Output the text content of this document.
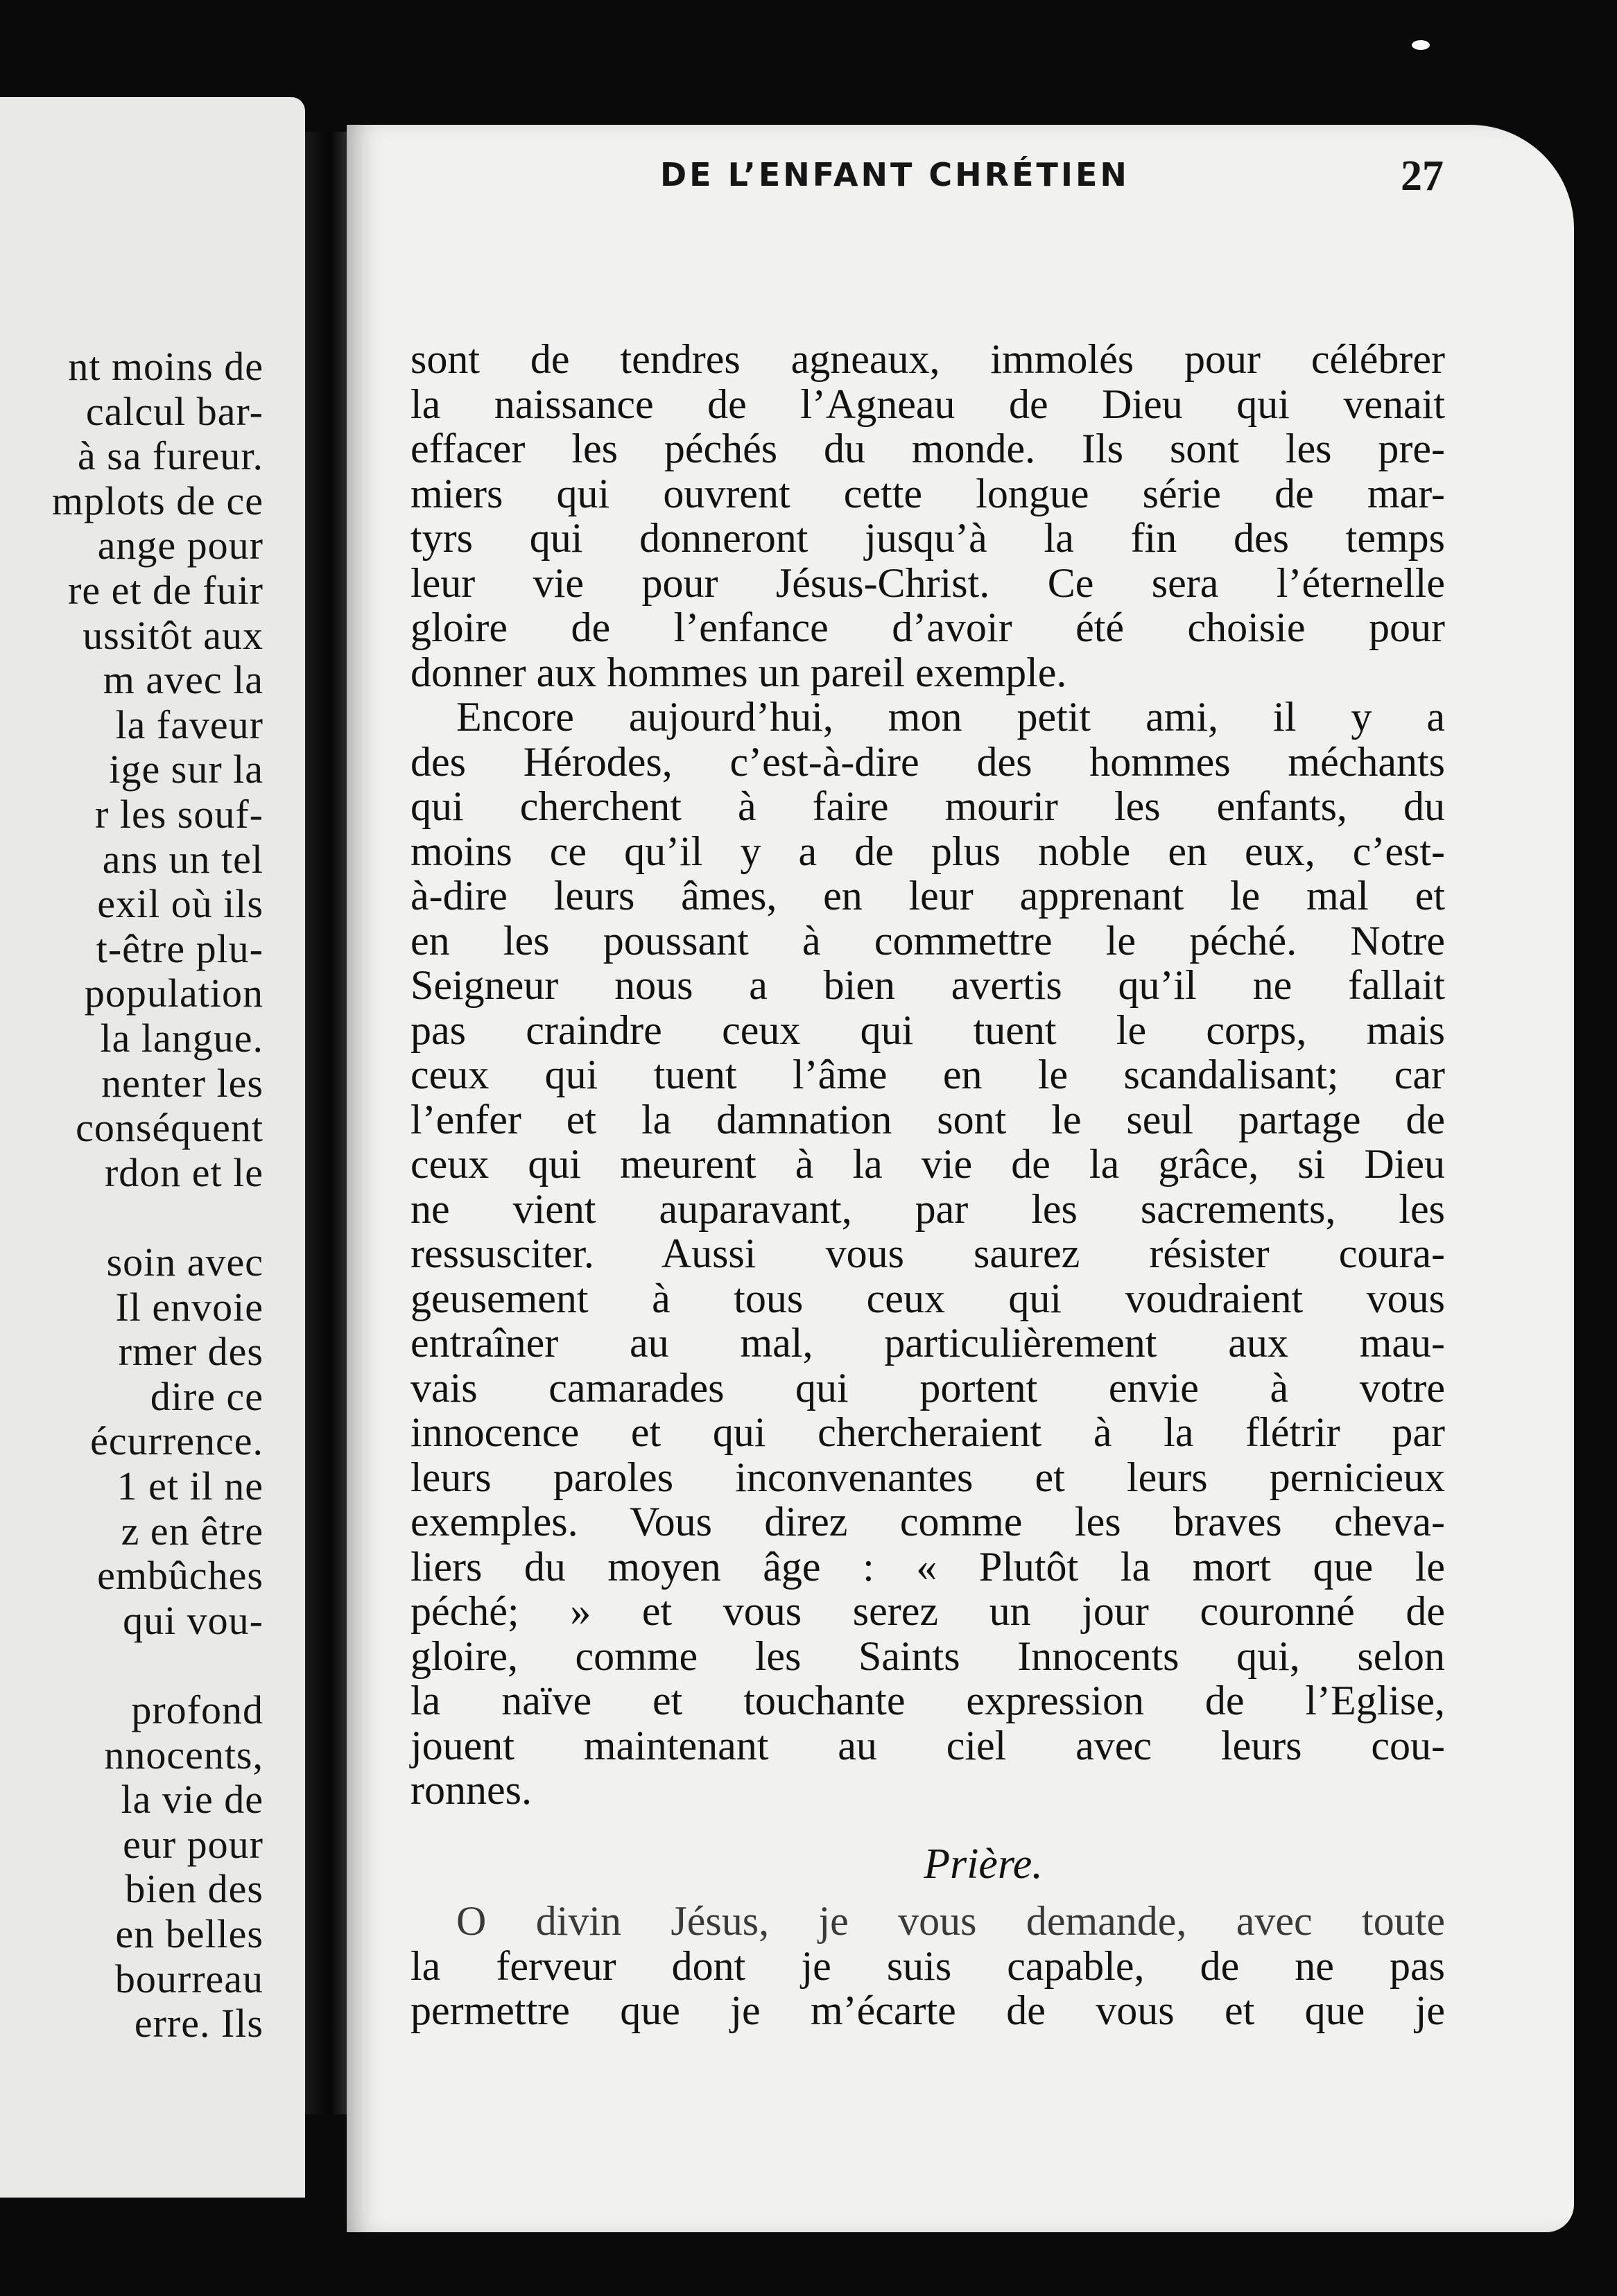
nt moins de
calcul bar-
à sa fureur.
mplots de ce
ange pour
re et de fuir
ussitôt aux
m avec la
la faveur
ige sur la
r les souf-
ans un tel
exil où ils
t-être plu-
population
la langue.
nenter les
conséquent
rdon et le
soin avec
Il envoie
rmer des
dire ce
écurrence.
1 et il ne
z en être
embûches
qui vou-
profond
nnocents,
la vie de
eur pour
bien des
en belles
bourreau
erre. Ils
DE L’ENFANT CHRÉTIEN	27
sont de tendres agneaux, immolés pour célébrer
la naissance de l’Agneau de Dieu qui venait
effacer les péchés du monde. Ils sont les pre-
miers qui ouvrent cette longue série de mar-
tyrs qui donneront jusqu’à la fin des temps
leur vie pour Jésus-Christ. Ce sera l’éternelle
gloire de l’enfance d’avoir été choisie pour
donner aux hommes un pareil exemple.
Encore aujourd’hui, mon petit ami, il y a
des Hérodes, c’est-à-dire des hommes méchants
qui cherchent à faire mourir les enfants, du
moins ce qu’il y a de plus noble en eux, c’est-
à-dire leurs âmes, en leur apprenant le mal et
en les poussant à commettre le péché. Notre
Seigneur nous a bien avertis qu’il ne fallait
pas craindre ceux qui tuent le corps, mais
ceux qui tuent l’âme en le scandalisant; car
l’enfer et la damnation sont le seul partage de
ceux qui meurent à la vie de la grâce, si Dieu
ne vient auparavant, par les sacrements, les
ressusciter. Aussi vous saurez résister coura-
geusement à tous ceux qui voudraient vous
entraîner au mal, particulièrement aux mau-
vais camarades qui portent envie à votre
innocence et qui chercheraient à la flétrir par
leurs paroles inconvenantes et leurs pernicieux
exemples. Vous direz comme les braves cheva-
liers du moyen âge : « Plutôt la mort que le
péché; » et vous serez un jour couronné de
gloire, comme les Saints Innocents qui, selon
la naïve et touchante expression de l’Eglise,
jouent maintenant au ciel avec leurs cou-
ronnes.
Prière.
O divin Jésus, je vous demande, avec toute
la ferveur dont je suis capable, de ne pas
permettre que je m’écarte de vous et que je
